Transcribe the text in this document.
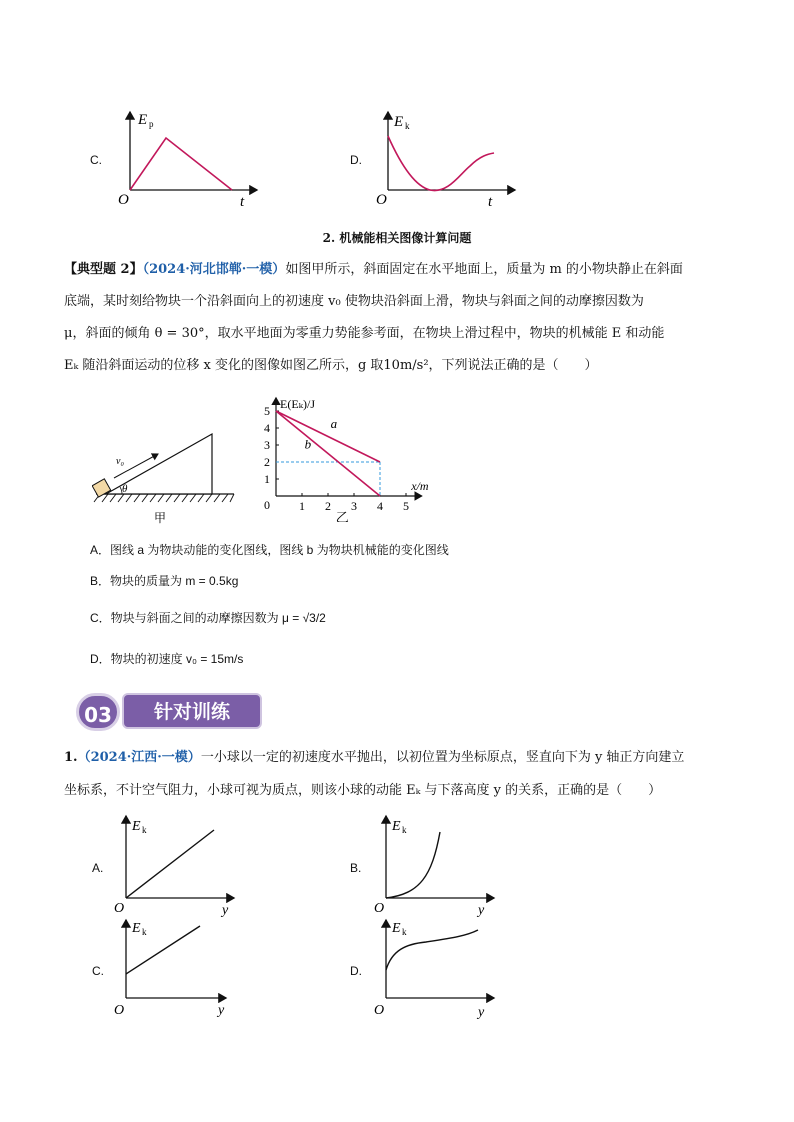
C.
E p
O	t
D.
E k
O	t
2. 机械能相关图像计算问题
【典型题 2】（2024·河北邯郸·一模）如图甲所示，斜面固定在水平地面上，质量为 m 的小物块静止在斜面
底端，某时刻给物块一个沿斜面向上的初速度 v₀ 使物块沿斜面上滑，物块与斜面之间的动摩擦因数为
μ，斜面的倾角 θ = 30°，取水平地面为零重力势能参考面，在物块上滑过程中，物块的机械能 E 和动能
Eₖ 随沿斜面运动的位移 x 变化的图像如图乙所示，g 取10m/s²，下列说法正确的是（　　）
v₀
θ
甲
1
2
3
4
5
0 1 2 3 4 5
a
b
E(Eₖ)/J
x/m
乙
A．图线 a 为物块动能的变化图线，图线 b 为物块机械能的变化图线
B．物块的质量为 m = 0.5kg
C．物块与斜面之间的动摩擦因数为 μ = √3/2
D．物块的初速度 v₀ = 15m/s
针对训练
03
1.（2024·江西·一模）一小球以一定的初速度水平抛出，以初位置为坐标原点，竖直向下为 y 轴正方向建立
坐标系，不计空气阻力，小球可视为质点，则该小球的动能 Eₖ 与下落高度 y 的关系，正确的是（　　）
A.
E k
O	y
B.
E k
O	y
C.
E k
O	y
D.
E k
O	y
